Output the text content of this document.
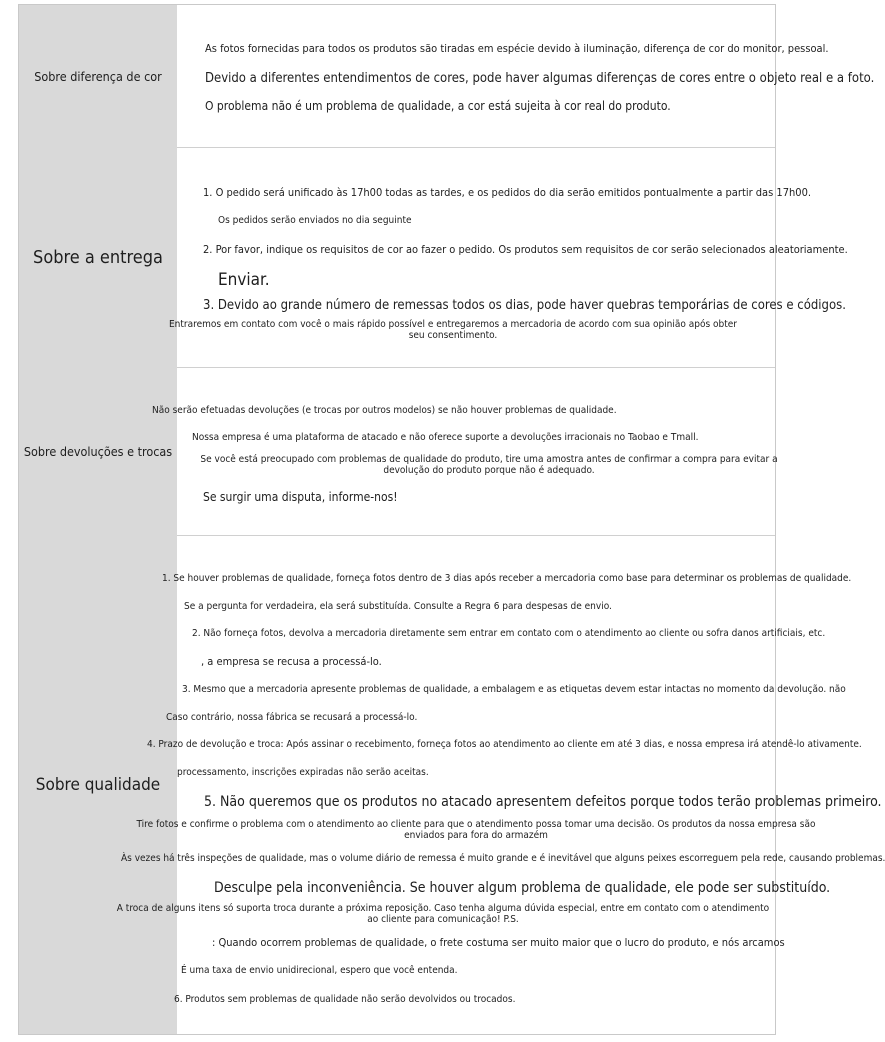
Sobre diferença de cor
As fotos fornecidas para todos os produtos são tiradas em espécie devido à iluminação, diferença de cor do monitor, pessoal.
Devido a diferentes entendimentos de cores, pode haver algumas diferenças de cores entre o objeto real e a foto.
O problema não é um problema de qualidade, a cor está sujeita à cor real do produto.
Sobre a entrega
1. O pedido será unificado às 17h00 todas as tardes, e os pedidos do dia serão emitidos pontualmente a partir das 17h00.
Os pedidos serão enviados no dia seguinte
2. Por favor, indique os requisitos de cor ao fazer o pedido. Os produtos sem requisitos de cor serão selecionados aleatoriamente.
Enviar.
3. Devido ao grande número de remessas todos os dias, pode haver quebras temporárias de cores e códigos.
Entraremos em contato com você o mais rápido possível e entregaremos a mercadoria de acordo com sua opinião após obter seu consentimento.
Sobre devoluções e trocas
Não serão efetuadas devoluções (e trocas por outros modelos) se não houver problemas de qualidade.
Nossa empresa é uma plataforma de atacado e não oferece suporte a devoluções irracionais no Taobao e Tmall.
Se você está preocupado com problemas de qualidade do produto, tire uma amostra antes de confirmar a compra para evitar a devolução do produto porque não é adequado.
Se surgir uma disputa, informe-nos!
Sobre qualidade
1. Se houver problemas de qualidade, forneça fotos dentro de 3 dias após receber a mercadoria como base para determinar os problemas de qualidade.
Se a pergunta for verdadeira, ela será substituída. Consulte a Regra 6 para despesas de envio.
2. Não forneça fotos, devolva a mercadoria diretamente sem entrar em contato com o atendimento ao cliente ou sofra danos artificiais, etc.
, a empresa se recusa a processá-lo.
3. Mesmo que a mercadoria apresente problemas de qualidade, a embalagem e as etiquetas devem estar intactas no momento da devolução. não
Caso contrário, nossa fábrica se recusará a processá-lo.
4. Prazo de devolução e troca: Após assinar o recebimento, forneça fotos ao atendimento ao cliente em até 3 dias, e nossa empresa irá atendê-lo ativamente.
processamento, inscrições expiradas não serão aceitas.
5. Não queremos que os produtos no atacado apresentem defeitos porque todos terão problemas primeiro.
Tire fotos e confirme o problema com o atendimento ao cliente para que o atendimento possa tomar uma decisão. Os produtos da nossa empresa são enviados para fora do armazém
Às vezes há três inspeções de qualidade, mas o volume diário de remessa é muito grande e é inevitável que alguns peixes escorreguem pela rede, causando problemas.
Desculpe pela inconveniência. Se houver algum problema de qualidade, ele pode ser substituído.
A troca de alguns itens só suporta troca durante a próxima reposição. Caso tenha alguma dúvida especial, entre em contato com o atendimento ao cliente para comunicação! P.S.
: Quando ocorrem problemas de qualidade, o frete costuma ser muito maior que o lucro do produto, e nós arcamos
É uma taxa de envio unidirecional, espero que você entenda.
6. Produtos sem problemas de qualidade não serão devolvidos ou trocados.
